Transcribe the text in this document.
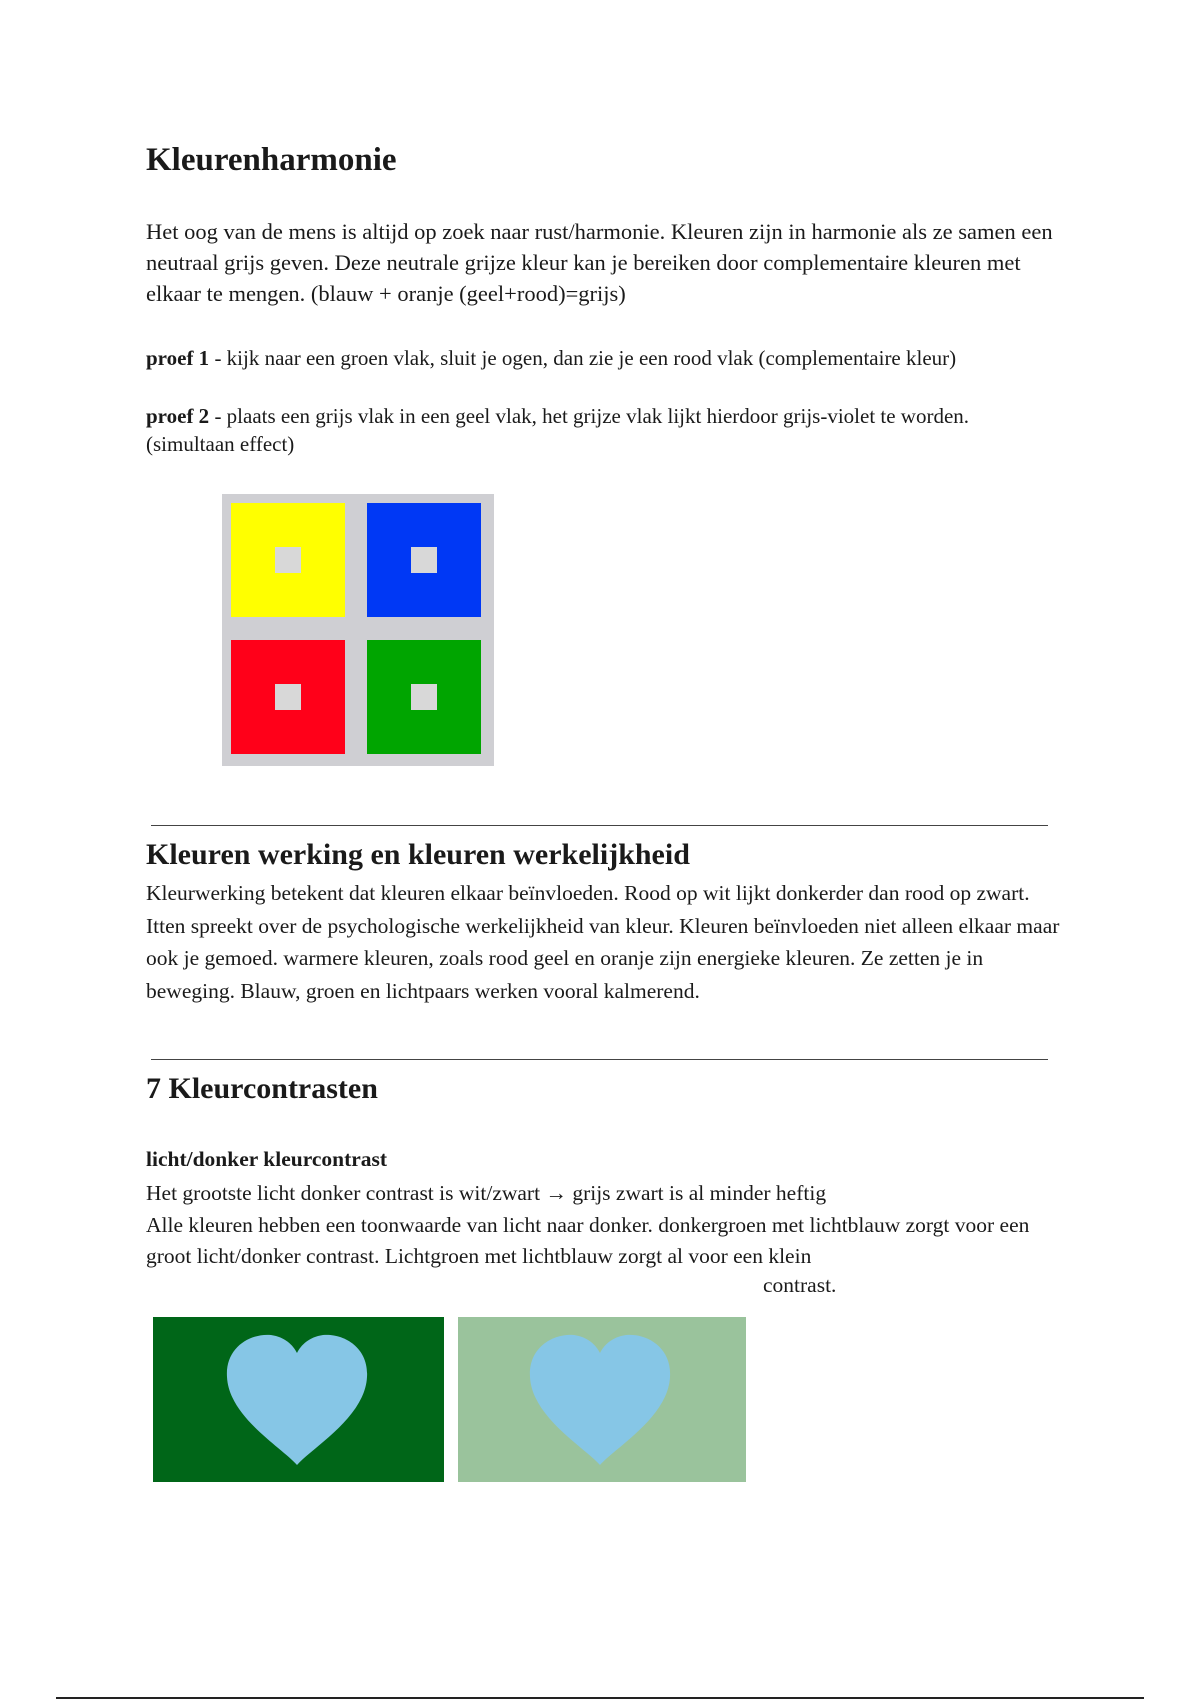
Kleurenharmonie

Het oog van de mens is altijd op zoek naar rust/harmonie. Kleuren zijn in harmonie als ze samen een neutraal grijs geven. Deze neutrale grijze kleur kan je bereiken door complementaire kleuren met elkaar te mengen. (blauw + oranje (geel+rood)=grijs)

proef 1 - kijk naar een groen vlak, sluit je ogen, dan zie je een rood vlak (complementaire kleur)

proef 2 - plaats een grijs vlak in een geel vlak, het grijze vlak lijkt hierdoor grijs-violet te worden. (simultaan effect)

Kleuren werking en kleuren werkelijkheid

Kleurwerking betekent dat kleuren elkaar beïnvloeden. Rood op wit lijkt donkerder dan rood op zwart. Itten spreekt over de psychologische werkelijkheid van kleur. Kleuren beïnvloeden niet alleen elkaar maar ook je gemoed. warmere kleuren, zoals rood geel en oranje zijn energieke kleuren. Ze zetten je in beweging. Blauw, groen en lichtpaars werken vooral kalmerend.

7 Kleurcontrasten

licht/donker kleurcontrast

Het grootste licht donker contrast is wit/zwart → grijs zwart is al minder heftig
Alle kleuren hebben een toonwaarde van licht naar donker. donkergroen met lichtblauw zorgt voor een groot licht/donker contrast. Lichtgroen met lichtblauw zorgt al voor een klein

contrast.
